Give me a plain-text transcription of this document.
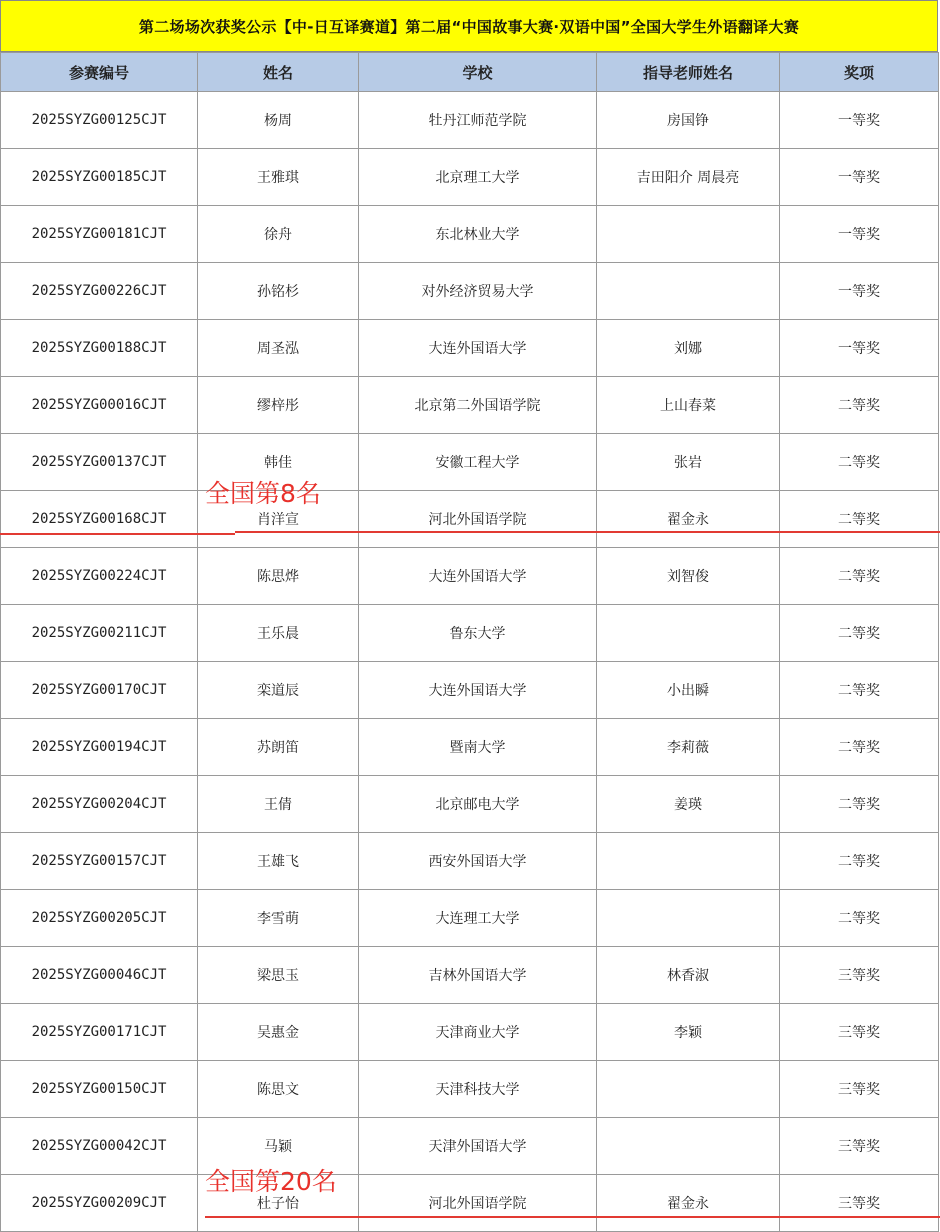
第二场场次获奖公示【中-日互译赛道】第二届“中国故事大赛·双语中国”全国大学生外语翻译大赛
参赛编号	姓名	学校	指导老师姓名	奖项
2025SYZG00125CJT	杨周	牡丹江师范学院	房国铮	一等奖
2025SYZG00185CJT	王雅琪	北京理工大学	吉田阳介 周晨亮	一等奖
2025SYZG00181CJT	徐舟	东北林业大学		一等奖
2025SYZG00226CJT	孙铭杉	对外经济贸易大学		一等奖
2025SYZG00188CJT	周圣泓	大连外国语大学	刘娜	一等奖
2025SYZG00016CJT	缪梓彤	北京第二外国语学院	上山春菜	二等奖
2025SYZG00137CJT	韩佳	安徽工程大学	张岩	二等奖
2025SYZG00168CJT	肖洋宣	河北外国语学院	翟金永	二等奖
2025SYZG00224CJT	陈思烨	大连外国语大学	刘智俊	二等奖
2025SYZG00211CJT	王乐晨	鲁东大学		二等奖
2025SYZG00170CJT	栾道辰	大连外国语大学	小出瞬	二等奖
2025SYZG00194CJT	苏朗笛	暨南大学	李莉薇	二等奖
2025SYZG00204CJT	王倩	北京邮电大学	姜瑛	二等奖
2025SYZG00157CJT	王雄飞	西安外国语大学		二等奖
2025SYZG00205CJT	李雪萌	大连理工大学		二等奖
2025SYZG00046CJT	梁思玉	吉林外国语大学	林香淑	三等奖
2025SYZG00171CJT	吴惠金	天津商业大学	李颖	三等奖
2025SYZG00150CJT	陈思文	天津科技大学		三等奖
2025SYZG00042CJT	马颖	天津外国语大学		三等奖
2025SYZG00209CJT	杜子怡	河北外国语学院	翟金永	三等奖
全国第8名
全国第20名
